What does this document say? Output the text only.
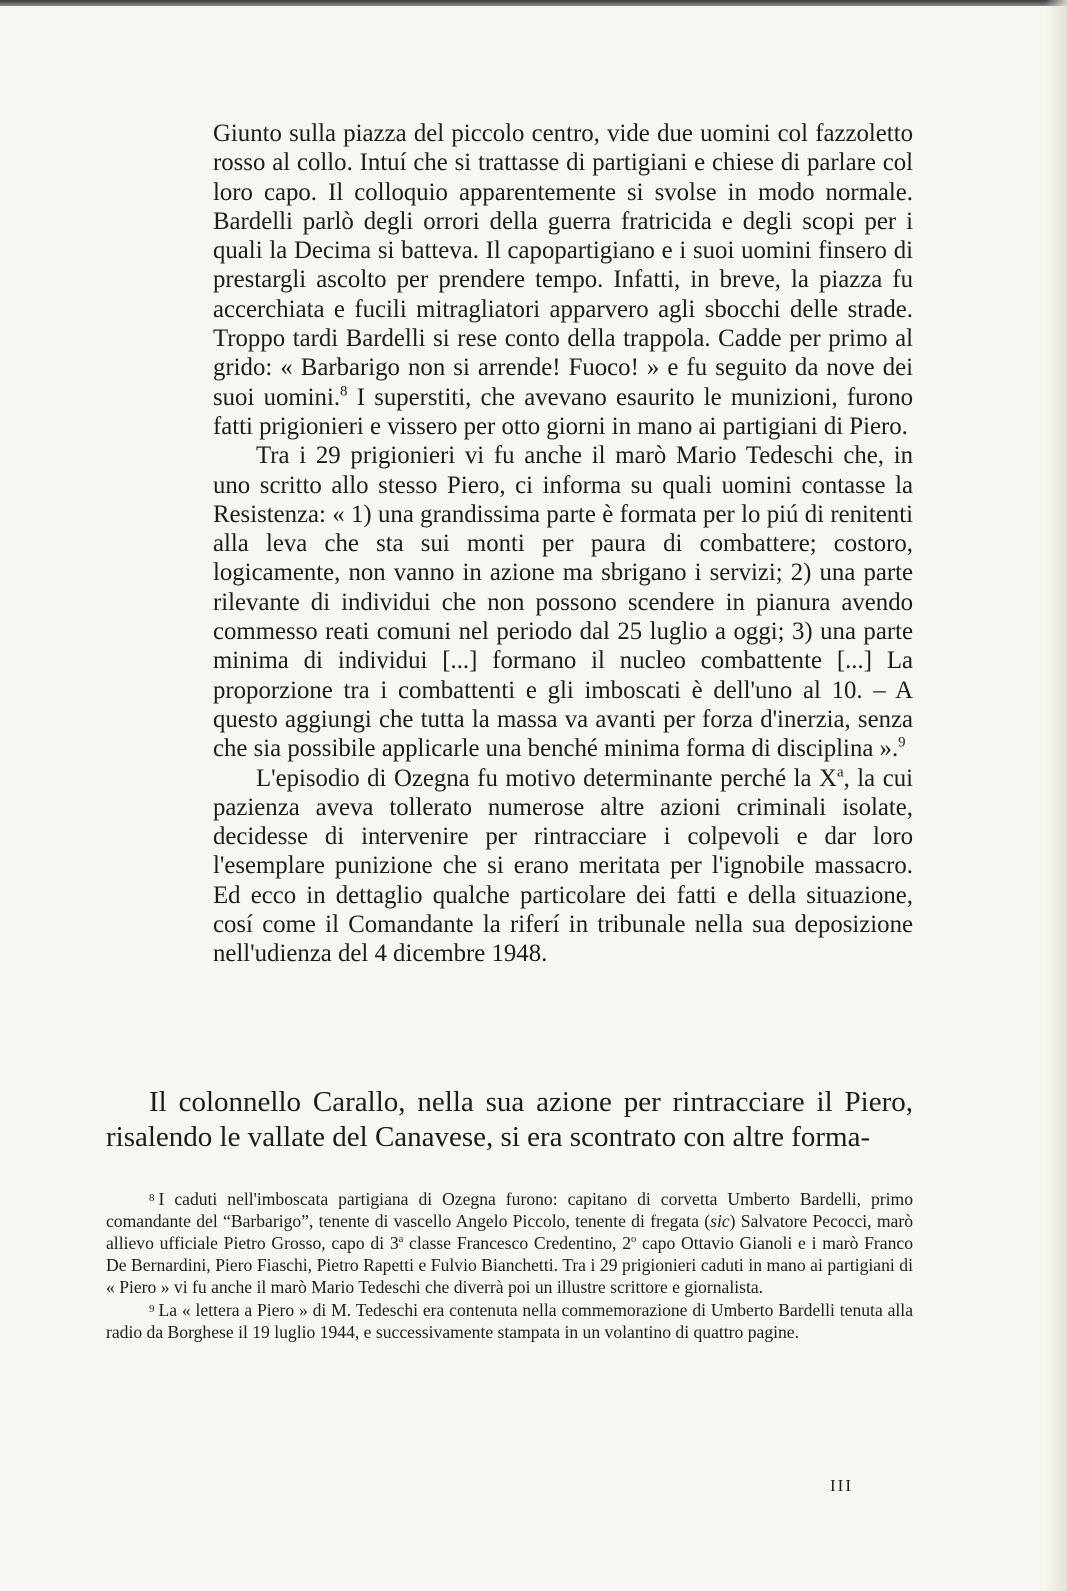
Giunto sulla piazza del piccolo centro, vide due uomini col fazzoletto rosso al collo. Intuí che si trattasse di partigiani e chiese di parlare col loro capo. Il colloquio apparentemente si svolse in modo normale. Bardelli parlò degli orrori della guerra fratricida e degli scopi per i quali la Decima si batteva. Il capopartigiano e i suoi uomini finsero di prestargli ascolto per prendere tempo. Infatti, in breve, la piazza fu accerchiata e fucili mitragliatori apparvero agli sbocchi delle strade. Troppo tardi Bardelli si rese conto della trappola. Cadde per primo al grido: « Barbarigo non si arrende! Fuoco! » e fu seguito da nove dei suoi uomini.$^8$ I superstiti, che avevano esaurito le munizioni, furono fatti prigionieri e vissero per otto giorni in mano ai partigiani di Piero.

Tra i 29 prigionieri vi fu anche il marò Mario Tedeschi che, in uno scritto allo stesso Piero, ci informa su quali uomini contasse la Resistenza: « 1) una grandissima parte è formata per lo piú di renitenti alla leva che sta sui monti per paura di combattere; costoro, logicamente, non vanno in azione ma sbrigano i servizi; 2) una parte rilevante di individui che non possono scendere in pianura avendo commesso reati comuni nel periodo dal 25 luglio a oggi; 3) una parte minima di individui [...] formano il nucleo combattente [...] La proporzione tra i combattenti e gli imboscati è dell'uno al 10. – A questo aggiungi che tutta la massa va avanti per forza d'inerzia, senza che sia possibile applicarle una benché minima forma di disciplina ».$^9$

L'episodio di Ozegna fu motivo determinante perché la $X^a$, la cui pazienza aveva tollerato numerose altre azioni criminali isolate, decidesse di intervenire per rintracciare i colpevoli e dar loro l'esemplare punizione che si erano meritata per l'ignobile massacro. Ed ecco in dettaglio qualche particolare dei fatti e della situazione, cosí come il Comandante la riferí in tribunale nella sua deposizione nell'udienza del 4 dicembre 1948.

Il colonnello Carallo, nella sua azione per rintracciare il Piero, risalendo le vallate del Canavese, si era scontrato con altre forma-

$^8$ I caduti nell'imboscata partigiana di Ozegna furono: capitano di corvetta Umberto Bardelli, primo comandante del “Barbarigo”, tenente di vascello Angelo Piccolo, tenente di fregata (sic) Salvatore Pecocci, marò allievo ufficiale Pietro Grosso, capo di 3$^a$ classe Francesco Credentino, 2$^o$ capo Ottavio Gianoli e i marò Franco De Bernardini, Piero Fiaschi, Pietro Rapetti e Fulvio Bianchetti. Tra i 29 prigionieri caduti in mano ai partigiani di « Piero » vi fu anche il marò Mario Tedeschi che diverrà poi un illustre scrittore e giornalista.

$^9$ La « lettera a Piero » di M. Tedeschi era contenuta nella commemorazione di Umberto Bardelli tenuta alla radio da Borghese il 19 luglio 1944, e successivamente stampata in un volantino di quattro pagine.

III
